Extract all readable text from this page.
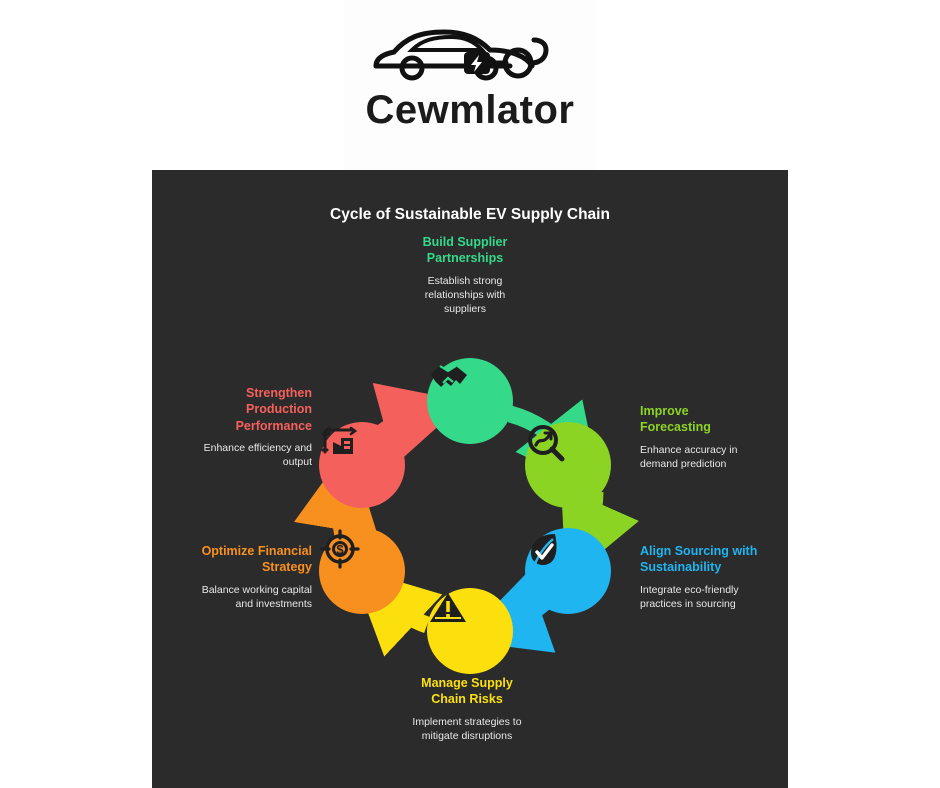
Cewmlator
Cycle of Sustainable EV Supply Chain
Build Supplier
Partnerships
Establish strong
relationships with
suppliers
Improve
Forecasting
Enhance accuracy in
demand prediction
Align Sourcing with
Sustainability
Integrate eco-friendly
practices in sourcing
Manage Supply
Chain Risks
Implement strategies to
mitigate disruptions
$
Optimize Financial
Strategy
Balance working capital
and investments
Strengthen
Production
Performance
Enhance efficiency and
output
